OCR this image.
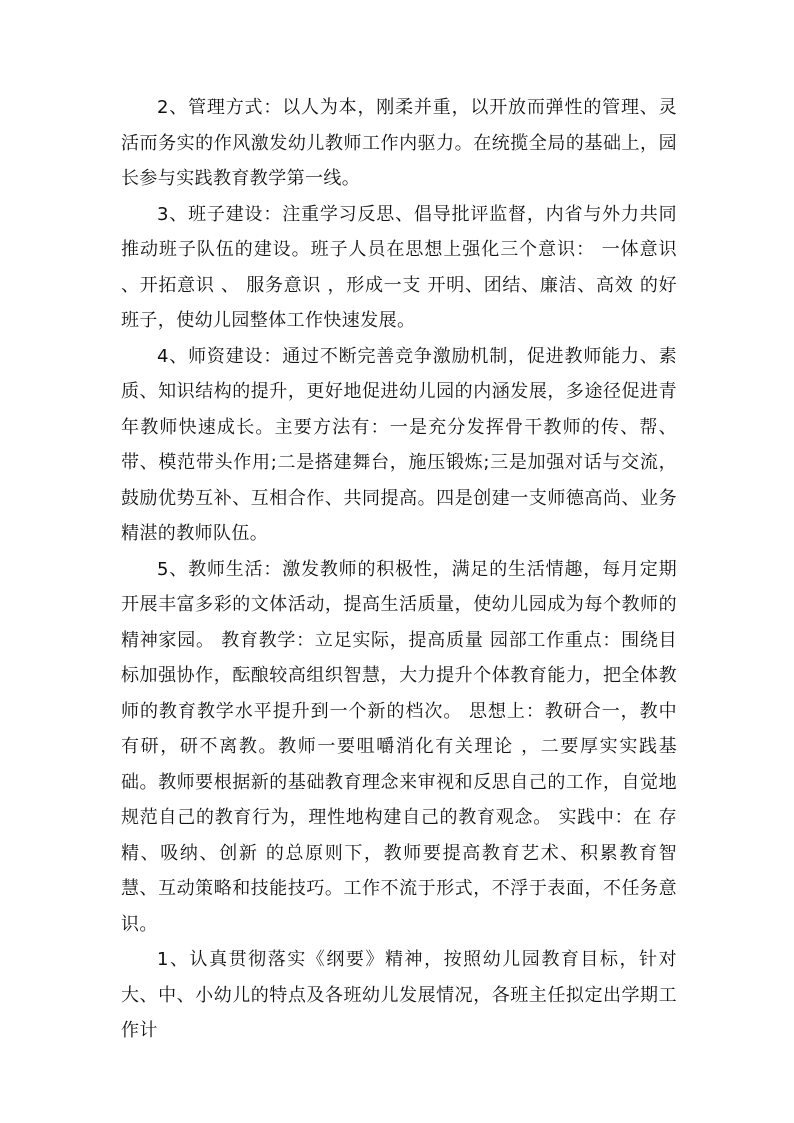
2、管理方式：以人为本，刚柔并重，以开放而弹性的管理、灵活而务实的作风激发幼儿教师工作内驱力。在统揽全局的基础上，园长参与实践教育教学第一线。

3、班子建设：注重学习反思、倡导批评监督，内省与外力共同推动班子队伍的建设。班子人员在思想上强化三个意识： 一体意识 、开拓意识 、 服务意识 ，形成一支 开明、团结、廉洁、高效 的好班子，使幼儿园整体工作快速发展。

4、师资建设：通过不断完善竞争激励机制，促进教师能力、素质、知识结构的提升，更好地促进幼儿园的内涵发展，多途径促进青年教师快速成长。主要方法有：一是充分发挥骨干教师的传、帮、带、模范带头作用;二是搭建舞台，施压锻炼;三是加强对话与交流，鼓励优势互补、互相合作、共同提高。四是创建一支师德高尚、业务精湛的教师队伍。

5、教师生活：激发教师的积极性，满足的生活情趣，每月定期开展丰富多彩的文体活动，提高生活质量，使幼儿园成为每个教师的精神家园。 教育教学：立足实际，提高质量 园部工作重点：围绕目标加强协作，酝酿较高组织智慧，大力提升个体教育能力，把全体教师的教育教学水平提升到一个新的档次。 思想上：教研合一，教中有研，研不离教。教师一要咀嚼消化有关理论 ，二要厚实实践基础。教师要根据新的基础教育理念来审视和反思自己的工作，自觉地规范自己的教育行为，理性地构建自己的教育观念。 实践中：在 存精、吸纳、创新 的总原则下，教师要提高教育艺术、积累教育智慧、互动策略和技能技巧。工作不流于形式，不浮于表面，不任务意识。

1、认真贯彻落实《纲要》精神，按照幼儿园教育目标，针对大、中、小幼儿的特点及各班幼儿发展情况，各班主任拟定出学期工作计
